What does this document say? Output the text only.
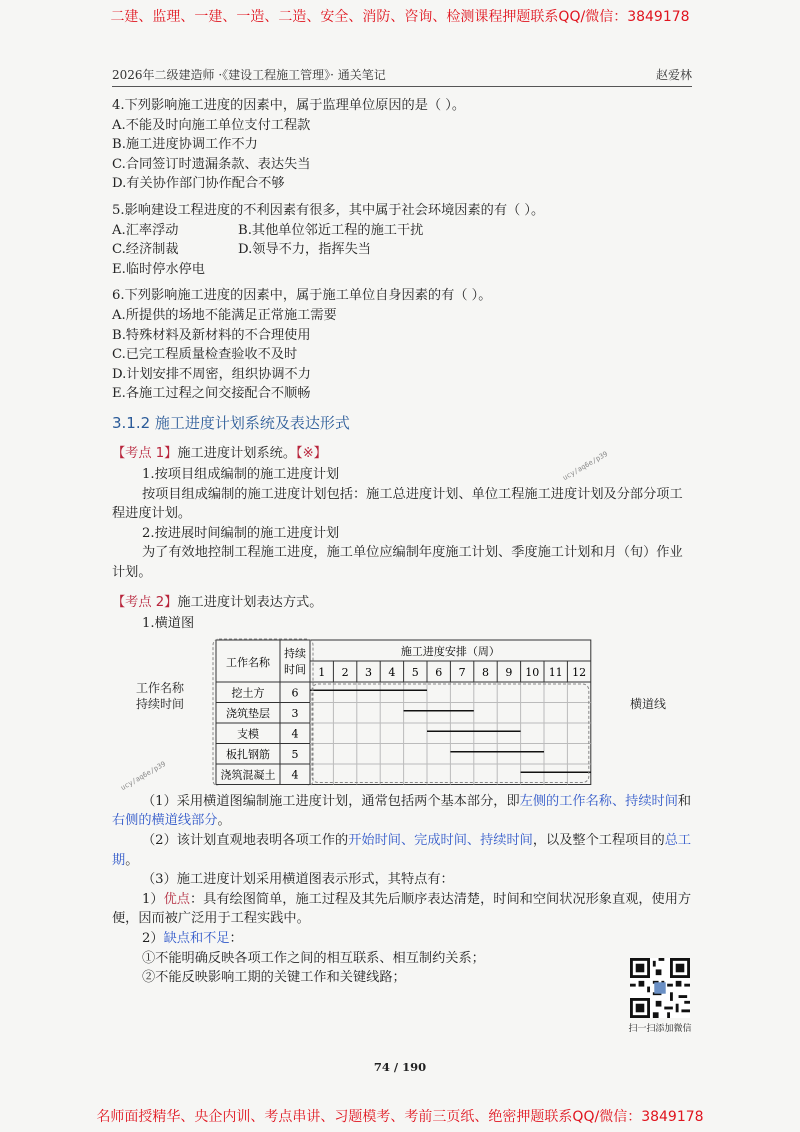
二建、监理、一建、一造、二造、安全、消防、咨询、检测课程押题联系QQ/微信：3849178
2026年二级建造师 ·《建设工程施工管理》· 通关笔记	赵爱林

4.下列影响施工进度的因素中，属于监理单位原因的是（ ）。

A.不能及时向施工单位支付工程款

B.施工进度协调工作不力

C.合同签订时遗漏条款、表达失当

D.有关协作部门协作配合不够

5.影响建设工程进度的不利因素有很多，其中属于社会环境因素的有（ ）。

A.汇率浮动	B.其他单位邻近工程的施工干扰

C.经济制裁	D.领导不力，指挥失当

E.临时停水停电

6.下列影响施工进度的因素中，属于施工单位自身因素的有（ ）。

A.所提供的场地不能满足正常施工需要

B.特殊材料及新材料的不合理使用

C.已完工程质量检查验收不及时

D.计划安排不周密，组织协调不力

E.各施工过程之间交接配合不顺畅

3.1.2 施工进度计划系统及表达形式

【考点 1】施工进度计划系统。【※】

1.按项目组成编制的施工进度计划

按项目组成编制的施工进度计划包括：施工总进度计划、单位工程施工进度计划及分部分项工程进度计划。

2.按进展时间编制的施工进度计划

为了有效地控制工程施工进度，施工单位应编制年度施工计划、季度施工计划和月（旬）作业计划。

【考点 2】施工进度计划表达方式。

1.横道图

工作名称
持续时间
工作名称
持续
时间
施工进度安排（周）
1 2 3 4 5 6 7 8 9 10 11 12
挖土方 6
浇筑垫层 3
支模	4
板扎钢筋 5
浇筑混凝土 4
横道线

（1）采用横道图编制施工进度计划，通常包括两个基本部分，即左侧的工作名称、持续时间和右侧的横道线部分。

（2）该计划直观地表明各项工作的开始时间、完成时间、持续时间，以及整个工程项目的总工期。

（3）施工进度计划采用横道图表示形式，其特点有：

1）优点：具有绘图简单，施工过程及其先后顺序表达清楚，时间和空间状况形象直观，使用方便，因而被广泛用于工程实践中。

2）缺点和不足：

①不能明确反映各项工作之间的相互联系、相互制约关系；

②不能反映影响工期的关键工作和关键线路；

ucy/aq6e/p39
ucy/aq6e/p39
扫一扫添加微信
74 / 190
名师面授精华、央企内训、考点串讲、习题模考、考前三页纸、绝密押题联系QQ/微信：3849178
